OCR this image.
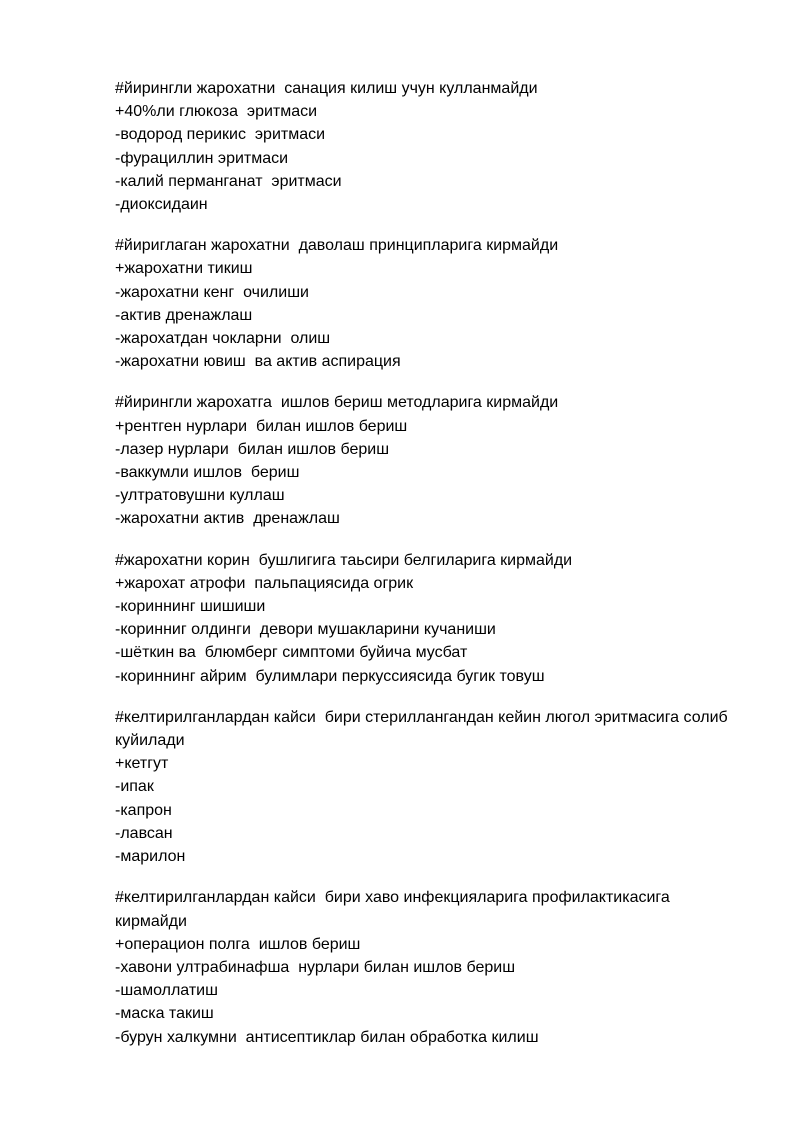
#йирингли жарохатни  санация килиш учун кулланмайди

+40%ли глюкоза  эритмаси

-водород перикис  эритмаси

-фурациллин эритмаси

-калий перманганат  эритмаси

-диоксидаин

#йириглаган жарохатни  даволаш принципларига кирмайди

+жарохатни тикиш

-жарохатни кенг  очилиши

-актив дренажлаш

-жарохатдан чокларни  олиш

-жарохатни ювиш  ва актив аспирация

#йирингли жарохатга  ишлов бериш методларига кирмайди

+рентген нурлари  билан ишлов бериш

-лазер нурлари  билан ишлов бериш

-ваккумли ишлов  бериш

-ултратовушни куллаш

-жарохатни актив  дренажлаш

#жарохатни корин  бушлигига таьсири белгиларига кирмайди

+жарохат атрофи  пальпациясида огрик

-кориннинг шишиши

-коринниг олдинги  девори мушакларини кучаниши

-шёткин ва  блюмберг симптоми буйича мусбат

-кориннинг айрим  булимлари перкуссиясида бугик товуш

#келтирилганлардан кайси  бири стериллангандан кейин люгол эритмасига солиб куйилади

+кетгут

-ипак

-капрон

-лавсан

-марилон

#келтирилганлардан кайси  бири хаво инфекцияларига профилактикасига кирмайди

+операцион полга  ишлов бериш

-хавони ултрабинафша  нурлари билан ишлов бериш

-шамоллатиш

-маска такиш

-бурун халкумни  антисептиклар билан обработка килиш
